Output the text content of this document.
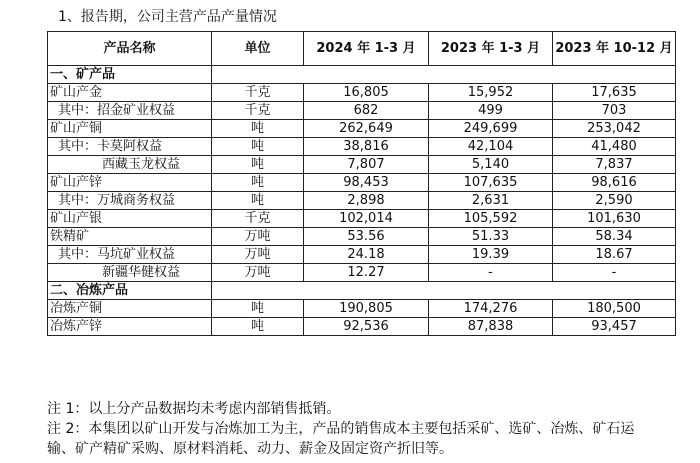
1、报告期，公司主营产品产量情况
产品名称	单位	2024 年 1-3 月	2023 年 1-3 月	2023 年 10-12 月
一、矿产品				
矿山产金	千克	16,805	15,952	17,635
其中：招金矿业权益	千克	682	499	703
矿山产铜	吨	262,649	249,699	253,042
其中：卡莫阿权益	吨	38,816	42,104	41,480
西藏玉龙权益	吨	7,807	5,140	7,837
矿山产锌	吨	98,453	107,635	98,616
其中：万城商务权益	吨	2,898	2,631	2,590
矿山产银	千克	102,014	105,592	101,630
铁精矿	万吨	53.56	51.33	58.34
其中：马坑矿业权益	万吨	24.18	19.39	18.67
新疆华健权益	万吨	12.27	-	-
二、冶炼产品				
冶炼产铜	吨	190,805	174,276	180,500
冶炼产锌	吨	92,536	87,838	93,457
注 1：以上分产品数据均未考虑内部销售抵销。
注 2：本集团以矿山开发与冶炼加工为主，产品的销售成本主要包括采矿、选矿、冶炼、矿石运
输、矿产精矿采购、原材料消耗、动力、薪金及固定资产折旧等。
